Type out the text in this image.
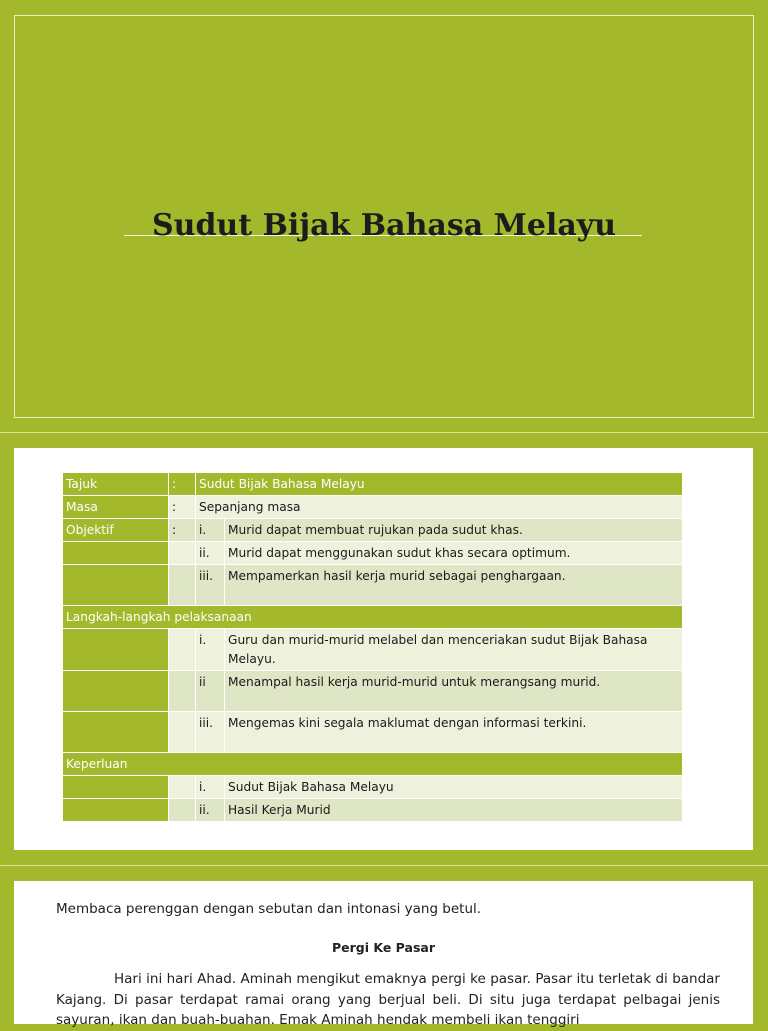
Sudut Bijak Bahasa Melayu
Tajuk	:	Sudut Bijak Bahasa Melayu	
Masa	:	Sepanjang masa	
Objektif	:	i.	Murid dapat membuat rujukan pada sudut khas.
		ii.	Murid dapat menggunakan sudut khas secara optimum.
		iii.	Mempamerkan hasil kerja murid sebagai penghargaan.
Langkah-langkah pelaksanaan			
		i.	Guru dan murid-murid melabel dan menceriakan sudut Bijak Bahasa Melayu.
		ii	Menampal hasil kerja murid-murid untuk merangsang murid.
		iii.	Mengemas kini segala maklumat dengan informasi terkini.
Keperluan			
		i.	Sudut Bijak Bahasa Melayu
		ii.	Hasil Kerja Murid
Membaca perenggan dengan sebutan dan intonasi yang betul.
Pergi Ke Pasar
Hari ini hari Ahad. Aminah mengikut emaknya pergi ke pasar. Pasar itu terletak di bandar Kajang. Di pasar terdapat ramai orang yang berjual beli. Di situ juga terdapat pelbagai jenis sayuran, ikan dan buah-buahan. Emak Aminah hendak membeli ikan tenggiri
